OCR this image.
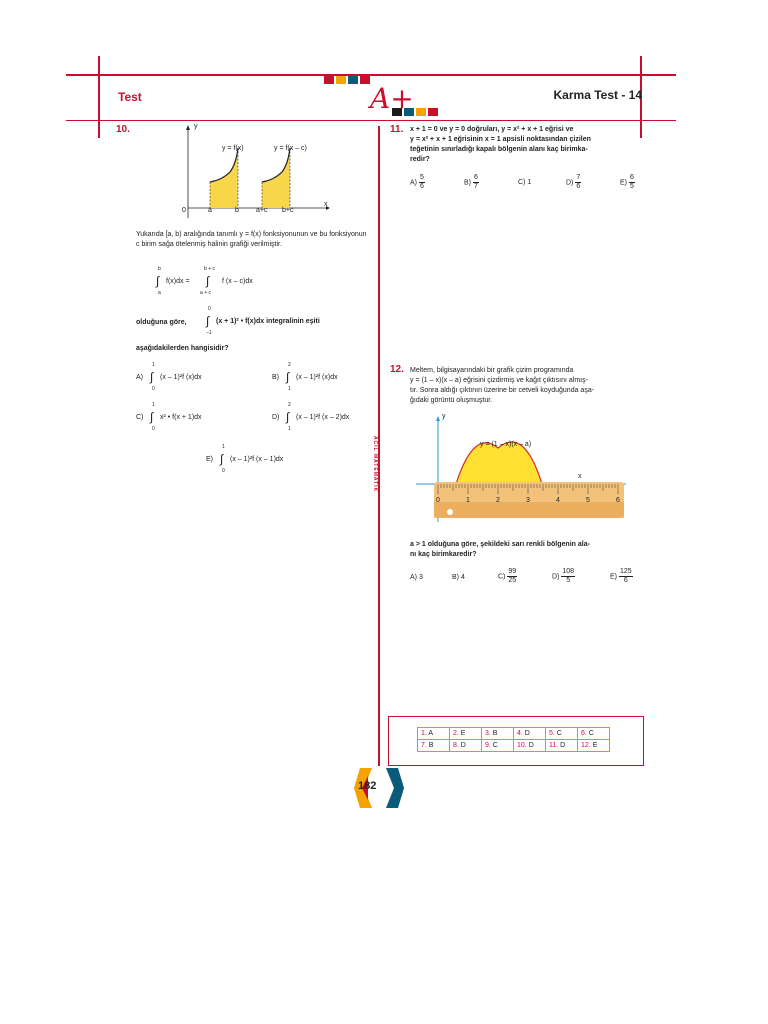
Test	Karma Test - 14
A+
ACIL MATEMATIK
10.	y
x
y = f(x)	y = f(x – c)
0	a	b a+c b+c
Yukarıda [a, b) aralığında tanımlı y = f(x) fonksiyonunun ve bu fonksiyonun c birim sağa ötelenmiş halinin grafiği verilmiştir.
b
∫
a
f(x)dx =
b + c
∫
a + c
f (x – c)dx
olduğuna göre,
0
∫
–1
(x + 1)² • f(x)dx integralinin eşiti
aşağıdakilerden hangisidir?
A)
1
∫
0
(x – 1)²f (x)dx	B)
2
∫
1
(x – 1)²f (x)dx
C)
1
∫
0
x² • f(x + 1)dx	D)
2
∫
1
(x – 1)²f (x – 2)dx
E)
1
∫
0
(x – 1)²f (x – 1)dx
11. x + 1 = 0 ve y = 0 doğruları, y = x² + x + 1 eğrisi ve
y = x² + x + 1 eğrisinin x = 1 apsisli noktasından çizilen
teğetinin sınırladığı kapalı bölgenin alanı kaç birimka-
redir?
$A) \frac{5}{6}$	$B) \frac{6}{7}$	C) 1	$D) \frac{7}{6}$	$E) \frac{6}{5}$
12. Meltem, bilgisayarındaki bir grafik çizim programında
y = (1 – x)(x – a) eğrisini çizdirmiş ve kağıt çıktısını almış-
tır. Sonra aldığı çıktının üzerine bir cetveli koyduğunda aşa-
ğıdaki görüntü oluşmuştur.
y
x
y = (1 – x)(x – a)
0	1	2	3	4	5	6
a > 1 olduğuna göre, şekildeki sarı renkli bölgenin ala-
nı kaç birimkaredir?
A) 3	B) 4	$C) \frac{99}{25}$	$D) \frac{108}{5}$	$E) \frac{125}{6}$
1. A	2. E	3. B	4. D	5. C	6. C
7. B	8. D	9. C	10. D	11. D	12. E
182
